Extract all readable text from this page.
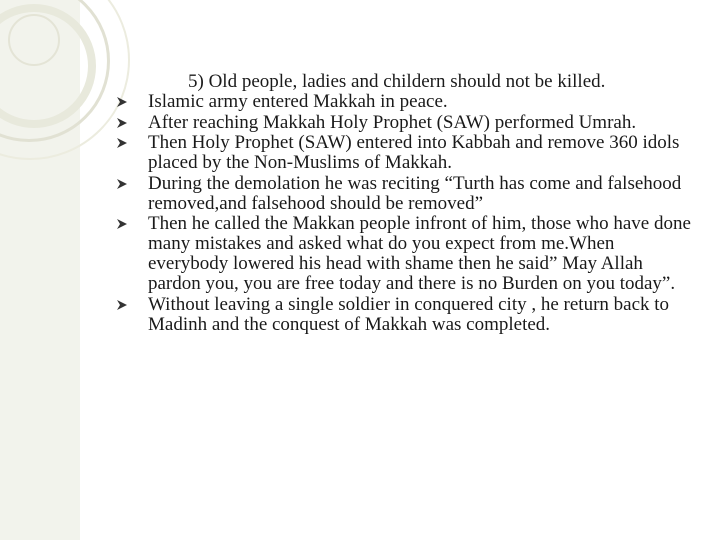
5) Old people, ladies and childern should not be killed.

Islamic army entered Makkah in peace.
After reaching Makkah Holy Prophet (SAW) performed Umrah.
Then Holy Prophet (SAW) entered into Kabbah and remove 360 idols placed by the Non-Muslims of Makkah.
During the demolation he was reciting “Turth has come and falsehood removed,and falsehood should be removed”
Then he called the Makkan people infront of him, those who have done many mistakes and asked what do you expect from me.When everybody lowered his head with shame then he said” May Allah pardon you, you are free today and there is no Burden on you today”.
Without leaving a single soldier in conquered city , he return back to Madinh and the conquest of Makkah was completed.
